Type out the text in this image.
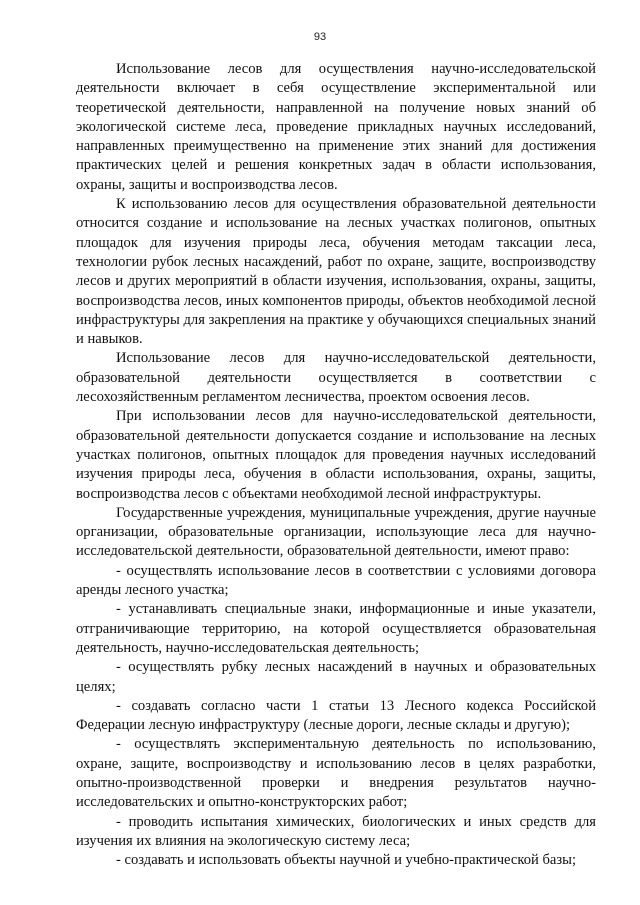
93

Использование лесов для осуществления научно-исследовательской деятельности включает в себя осуществление экспериментальной или теоретической деятельности, направленной на получение новых знаний об экологической системе леса, проведение прикладных научных исследований, направленных преимущественно на применение этих знаний для достижения практических целей и решения конкретных задач в области использования, охраны, защиты и воспроизводства лесов.

К использованию лесов для осуществления образовательной деятельности относится создание и использование на лесных участках полигонов, опытных площадок для изучения природы леса, обучения методам таксации леса, технологии рубок лесных насаждений, работ по охране, защите, воспроизводству лесов и других мероприятий в области изучения, использования, охраны, защиты, воспроизводства лесов, иных компонентов природы, объектов необходимой лесной инфраструктуры для закрепления на практике у обучающихся специальных знаний и навыков.

Использование лесов для научно-исследовательской деятельности, образовательной деятельности осуществляется в соответствии с лесохозяйственным регламентом лесничества, проектом освоения лесов.

При использовании лесов для научно-исследовательской деятельности, образовательной деятельности допускается создание и использование на лесных участках полигонов, опытных площадок для проведения научных исследований изучения природы леса, обучения в области использования, охраны, защиты, воспроизводства лесов с объектами необходимой лесной инфраструктуры.

Государственные учреждения, муниципальные учреждения, другие научные организации, образовательные организации, использующие леса для научно-исследовательской деятельности, образовательной деятельности, имеют право:

- осуществлять использование лесов в соответствии с условиями договора аренды лесного участка;

- устанавливать специальные знаки, информационные и иные указатели, отграничивающие территорию, на которой осуществляется образовательная деятельность, научно-исследовательская деятельность;

- осуществлять рубку лесных насаждений в научных и образовательных целях;

- создавать согласно части 1 статьи 13 Лесного кодекса Российской Федерации лесную инфраструктуру (лесные дороги, лесные склады и другую);

- осуществлять экспериментальную деятельность по использованию, охране, защите, воспроизводству и использованию лесов в целях разработки, опытно-производственной проверки и внедрения результатов научно-исследовательских и опытно-конструкторских работ;

- проводить испытания химических, биологических и иных средств для изучения их влияния на экологическую систему леса;

- создавать и использовать объекты научной и учебно-практической базы;
